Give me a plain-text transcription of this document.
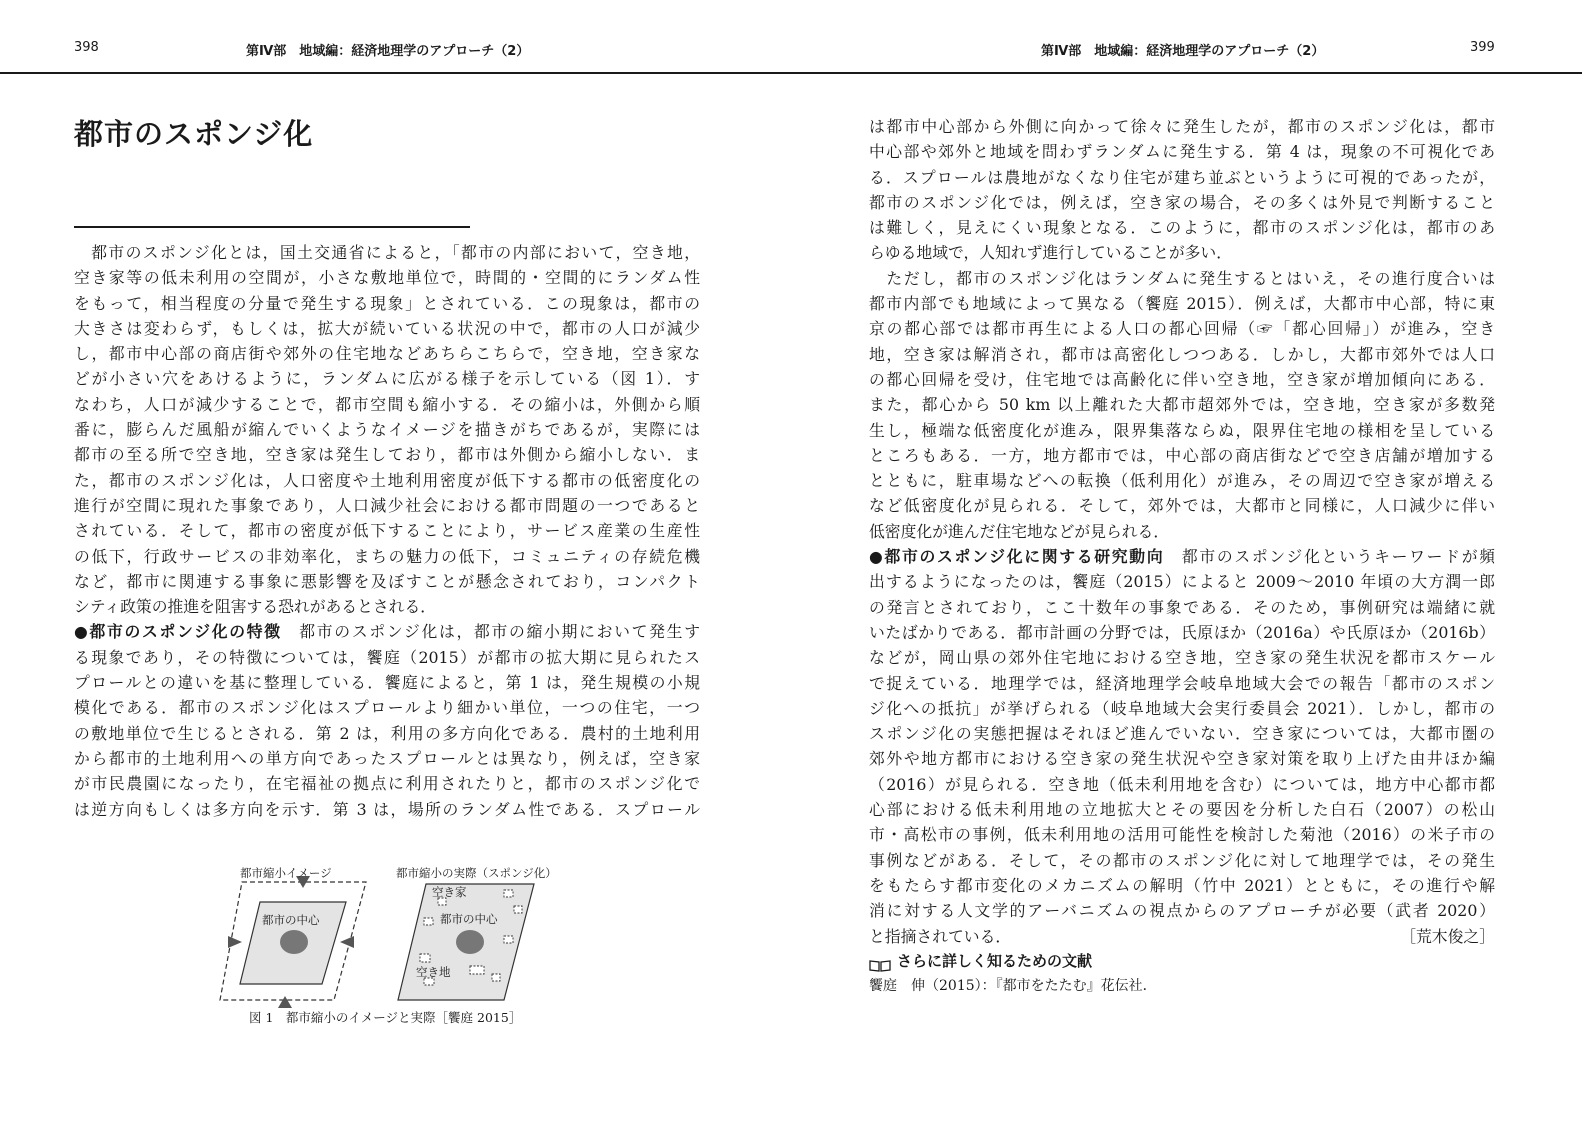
398	第Ⅳ部　地域編：経済地理学のアプローチ（2）	第Ⅳ部　地域編：経済地理学のアプローチ（2）	399
都市のスポンジ化

　都市のスポンジ化とは，国土交通省によると，「都市の内部において，空き地，

空き家等の低未利用の空間が，小さな敷地単位で，時間的・空間的にランダム性

をもって，相当程度の分量で発生する現象」とされている．この現象は，都市の

大きさは変わらず，もしくは，拡大が続いている状況の中で，都市の人口が減少

し，都市中心部の商店街や郊外の住宅地などあちらこちらで，空き地，空き家な

どが小さい穴をあけるように，ランダムに広がる様子を示している（図 1）．す

なわち，人口が減少することで，都市空間も縮小する．その縮小は，外側から順

番に，膨らんだ風船が縮んでいくようなイメージを描きがちであるが，実際には

都市の至る所で空き地，空き家は発生しており，都市は外側から縮小しない．ま

た，都市のスポンジ化は，人口密度や土地利用密度が低下する都市の低密度化の

進行が空間に現れた事象であり，人口減少社会における都市問題の一つであると

されている．そして，都市の密度が低下することにより，サービス産業の生産性

の低下，行政サービスの非効率化，まちの魅力の低下，コミュニティの存続危機

など，都市に関連する事象に悪影響を及ぼすことが懸念されており，コンパクト

シティ政策の推進を阻害する恐れがあるとされる．

●都市のスポンジ化の特徴　都市のスポンジ化は，都市の縮小期において発生す

る現象であり，その特徴については，饗庭（2015）が都市の拡大期に見られたス

プロールとの違いを基に整理している．饗庭によると，第 1 は，発生規模の小規

模化である．都市のスポンジ化はスプロールより細かい単位，一つの住宅，一つ

の敷地単位で生じるとされる．第 2 は，利用の多方向化である．農村的土地利用

から都市的土地利用への単方向であったスプロールとは異なり，例えば，空き家

が市民農園になったり，在宅福祉の拠点に利用されたりと，都市のスポンジ化で

は逆方向もしくは多方向を示す．第 3 は，場所のランダム性である．スプロール

都市縮小イメージ	都市縮小の実際（スポンジ化）
都市の中心	都市の中心
空き家
空き地
図 1　都市縮小のイメージと実際［饗庭 2015］

は都市中心部から外側に向かって徐々に発生したが，都市のスポンジ化は，都市

中心部や郊外と地域を問わずランダムに発生する．第 4 は，現象の不可視化であ

る．スプロールは農地がなくなり住宅が建ち並ぶというように可視的であったが，

都市のスポンジ化では，例えば，空き家の場合，その多くは外見で判断すること

は難しく，見えにくい現象となる．このように，都市のスポンジ化は，都市のあ

らゆる地域で，人知れず進行していることが多い．

　ただし，都市のスポンジ化はランダムに発生するとはいえ，その進行度合いは

都市内部でも地域によって異なる（饗庭 2015）．例えば，大都市中心部，特に東

京の都心部では都市再生による人口の都心回帰（☞「都心回帰」）が進み，空き

地，空き家は解消され，都市は高密化しつつある．しかし，大都市郊外では人口

の都心回帰を受け，住宅地では高齢化に伴い空き地，空き家が増加傾向にある．

また，都心から 50 km 以上離れた大都市超郊外では，空き地，空き家が多数発

生し，極端な低密度化が進み，限界集落ならぬ，限界住宅地の様相を呈している

ところもある．一方，地方都市では，中心部の商店街などで空き店舗が増加する

とともに，駐車場などへの転換（低利用化）が進み，その周辺で空き家が増える

など低密度化が見られる．そして，郊外では，大都市と同様に，人口減少に伴い

低密度化が進んだ住宅地などが見られる．

●都市のスポンジ化に関する研究動向　都市のスポンジ化というキーワードが頻

出するようになったのは，饗庭（2015）によると 2009〜2010 年頃の大方潤一郎

の発言とされており，ここ十数年の事象である．そのため，事例研究は端緒に就

いたばかりである．都市計画の分野では，氏原ほか（2016a）や氏原ほか（2016b）

などが，岡山県の郊外住宅地における空き地，空き家の発生状況を都市スケール

で捉えている．地理学では，経済地理学会岐阜地域大会での報告「都市のスポン

ジ化への抵抗」が挙げられる（岐阜地域大会実行委員会 2021）．しかし，都市の

スポンジ化の実態把握はそれほど進んでいない．空き家については，大都市圏の

郊外や地方都市における空き家の発生状況や空き家対策を取り上げた由井ほか編

（2016）が見られる．空き地（低未利用地を含む）については，地方中心都市都

心部における低未利用地の立地拡大とその要因を分析した白石（2007）の松山

市・高松市の事例，低未利用地の活用可能性を検討した菊池（2016）の米子市の

事例などがある．そして，その都市のスポンジ化に対して地理学では，その発生

をもたらす都市変化のメカニズムの解明（竹中 2021）とともに，その進行や解

消に対する人文学的アーバニズムの視点からのアプローチが必要（武者 2020）

と指摘されている．	［荒木俊之］

さらに詳しく知るための文献

饗庭　伸（2015）：『都市をたたむ』花伝社．
